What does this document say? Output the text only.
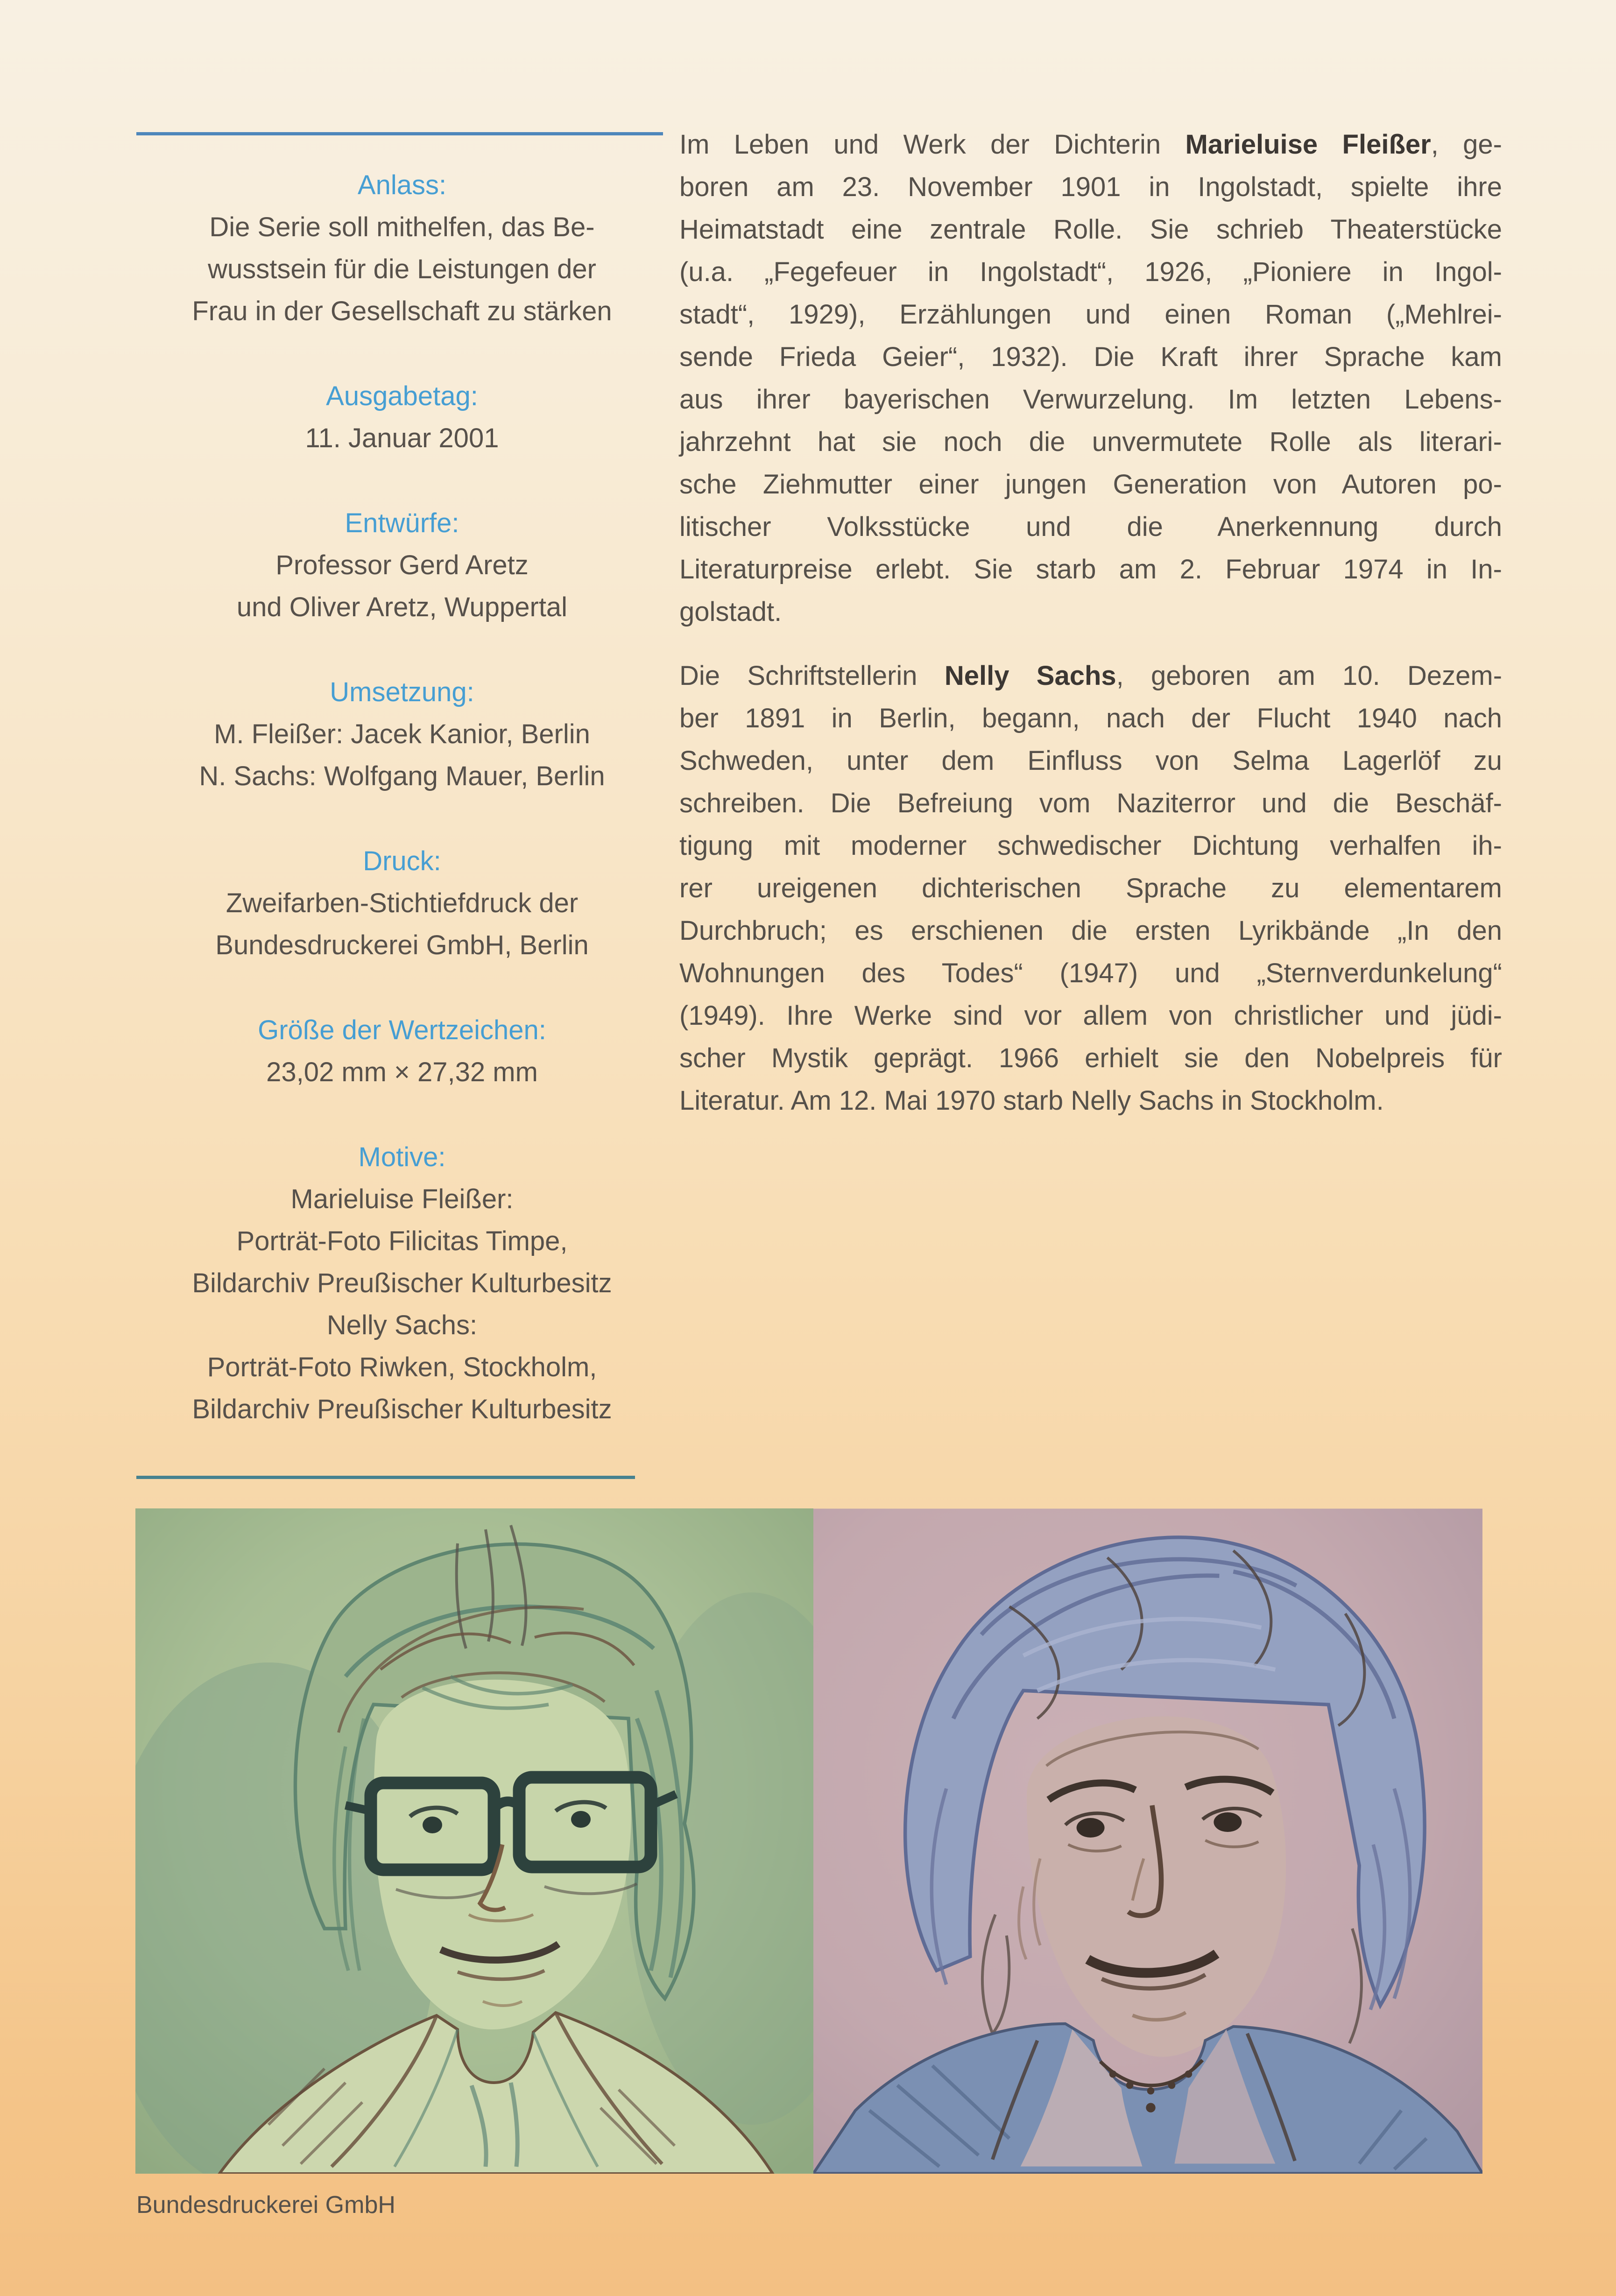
Anlass:
Die Serie soll mithelfen, das Be-
wusstsein für die Leistungen der
Frau in der Gesellschaft zu stärken
Ausgabetag:
11. Januar 2001
Entwürfe:
Professor Gerd Aretz
und Oliver Aretz, Wuppertal
Umsetzung:
M. Fleißer: Jacek Kanior, Berlin
N. Sachs: Wolfgang Mauer, Berlin
Druck:
Zweifarben-Stichtiefdruck der
Bundesdruckerei GmbH, Berlin
Größe der Wertzeichen:
23,02 mm × 27,32 mm
Motive:
Marieluise Fleißer:
Porträt-Foto Filicitas Timpe,
Bildarchiv Preußischer Kulturbesitz
Nelly Sachs:
Porträt-Foto Riwken, Stockholm,
Bildarchiv Preußischer Kulturbesitz
Im Leben und Werk der Dichterin Marieluise Fleißer, ge-
boren am 23. November 1901 in Ingolstadt, spielte ihre
Heimatstadt eine zentrale Rolle. Sie schrieb Theaterstücke
(u.a. „Fegefeuer in Ingolstadt“, 1926, „Pioniere in Ingol-
stadt“, 1929), Erzählungen und einen Roman („Mehlrei-
sende Frieda Geier“, 1932). Die Kraft ihrer Sprache kam
aus ihrer bayerischen Verwurzelung. Im letzten Lebens-
jahrzehnt hat sie noch die unvermutete Rolle als literari-
sche Ziehmutter einer jungen Generation von Autoren po-
litischer Volksstücke und die Anerkennung durch
Literaturpreise erlebt. Sie starb am 2. Februar 1974 in In-
golstadt.
Die Schriftstellerin Nelly Sachs, geboren am 10. Dezem-
ber 1891 in Berlin, begann, nach der Flucht 1940 nach
Schweden, unter dem Einfluss von Selma Lagerlöf zu
schreiben. Die Befreiung vom Naziterror und die Beschäf-
tigung mit moderner schwedischer Dichtung verhalfen ih-
rer ureigenen dichterischen Sprache zu elementarem
Durchbruch; es erschienen die ersten Lyrikbände „In den
Wohnungen des Todes“ (1947) und „Sternverdunkelung“
(1949). Ihre Werke sind vor allem von christlicher und jüdi-
scher Mystik geprägt. 1966 erhielt sie den Nobelpreis für
Literatur. Am 12. Mai 1970 starb Nelly Sachs in Stockholm.
Bundesdruckerei GmbH
